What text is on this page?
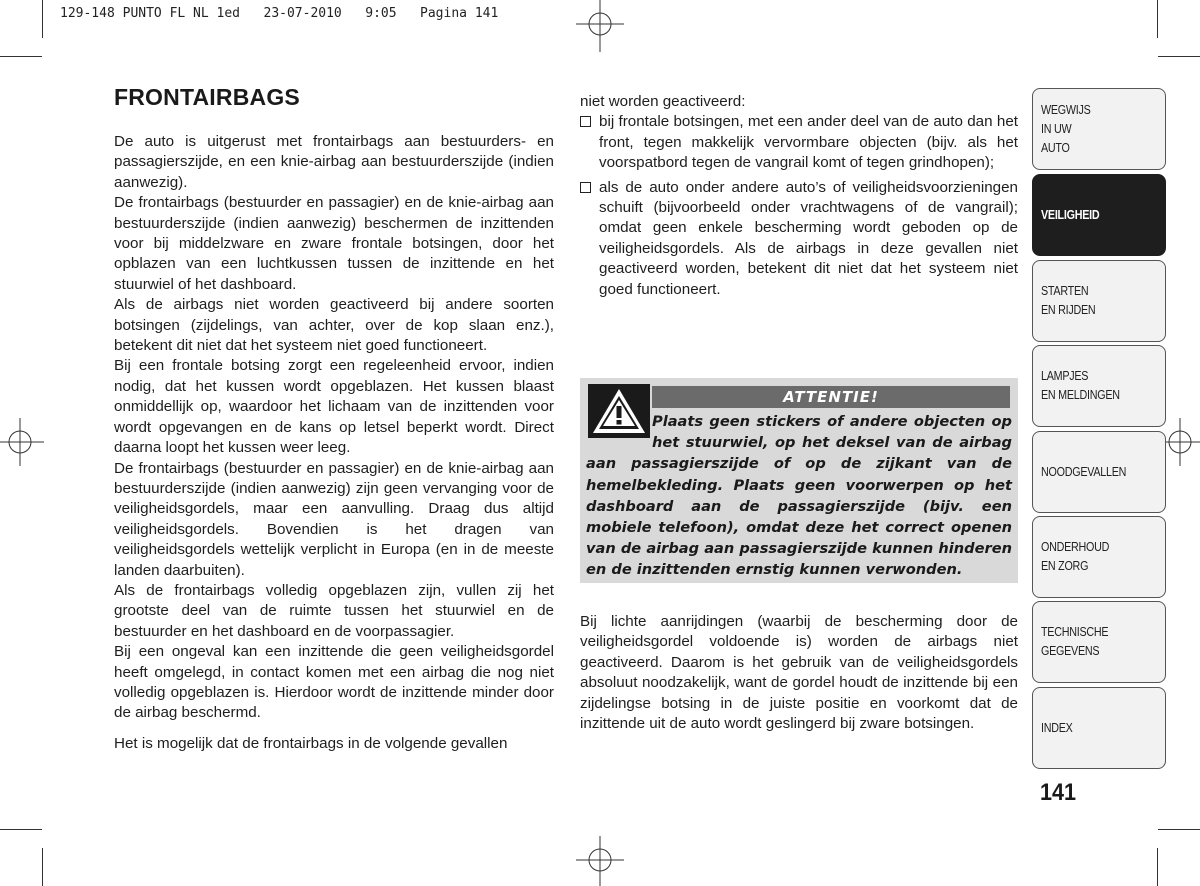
129-148 PUNTO FL NL 1ed   23-07-2010   9:05   Pagina 141
FRONTAIRBAGS

De auto is uitgerust met frontairbags aan bestuurders- en passagierszijde, en een knie-airbag aan bestuurderszijde (indien aanwezig).

De frontairbags (bestuurder en passagier) en de knie-airbag aan bestuurderszijde (indien aanwezig) beschermen de inzittenden voor bij middelzware en zware frontale botsingen, door het opblazen van een luchtkussen tussen de inzittende en het stuurwiel of het dashboard.

Als de airbags niet worden geactiveerd bij andere soorten botsingen (zijdelings, van achter, over de kop slaan enz.), betekent dit niet dat het systeem niet goed functioneert.

Bij een frontale botsing zorgt een regeleenheid ervoor, indien nodig, dat het kussen wordt opgeblazen. Het kussen blaast onmiddellijk op, waardoor het lichaam van de inzittenden voor wordt opgevangen en de kans op letsel beperkt wordt. Direct daarna loopt het kussen weer leeg.

De frontairbags (bestuurder en passagier) en de knie-airbag aan bestuurderszijde (indien aanwezig) zijn geen vervanging voor de veiligheidsgordels, maar een aanvulling. Draag dus altijd veiligheidsgordels. Bovendien is het dragen van veiligheidsgordels wettelijk verplicht in Europa (en in de meeste landen daarbuiten).

Als de frontairbags volledig opgeblazen zijn, vullen zij het grootste deel van de ruimte tussen het stuurwiel en de bestuurder en het dashboard en de voorpassagier.

Bij een ongeval kan een inzittende die geen veiligheidsgordel heeft omgelegd, in contact komen met een airbag die nog niet volledig opgeblazen is. Hierdoor wordt de inzittende minder door de airbag beschermd.

Het is mogelijk dat de frontairbags in de volgende gevallen

niet worden geactiveerd:

bij frontale botsingen, met een ander deel van de auto dan het front, tegen makkelijk vervormbare objecten (bijv. als het voorspatbord tegen de vangrail komt of tegen grindhopen);
als de auto onder andere auto’s of veiligheidsvoorzieningen schuift (bijvoorbeeld onder vrachtwagens of de vangrail); omdat geen enkele bescherming wordt geboden op de veiligheidsgordels. Als de airbags in deze gevallen niet geactiveerd worden, betekent dit niet dat het systeem niet goed functioneert.
ATTENTIE!
Plaats geen stickers of andere objecten op het stuurwiel, op het deksel van de airbag aan passagierszijde of op de zijkant van de hemelbekleding. Plaats geen voorwerpen op het dashboard aan de passagierszijde (bijv. een mobiele telefoon), omdat deze het correct openen van de airbag aan passagierszijde kunnen hinderen en de inzittenden ernstig kunnen verwonden.
Bij lichte aanrijdingen (waarbij de bescherming door de veiligheidsgordel voldoende is) worden de airbags niet geactiveerd. Daarom is het gebruik van de veiligheidsgordels absoluut noodzakelijk, want de gordel houdt de inzittende bij een zijdelingse botsing in de juiste positie en voorkomt dat de inzittende uit de auto wordt geslingerd bij zware botsingen.
WEGWIJS
IN UW
AUTO
VEILIGHEID
STARTEN
EN RIJDEN
LAMPJES
EN MELDINGEN
NOODGEVALLEN
ONDERHOUD
EN ZORG
TECHNISCHE
GEGEVENS
INDEX
141
